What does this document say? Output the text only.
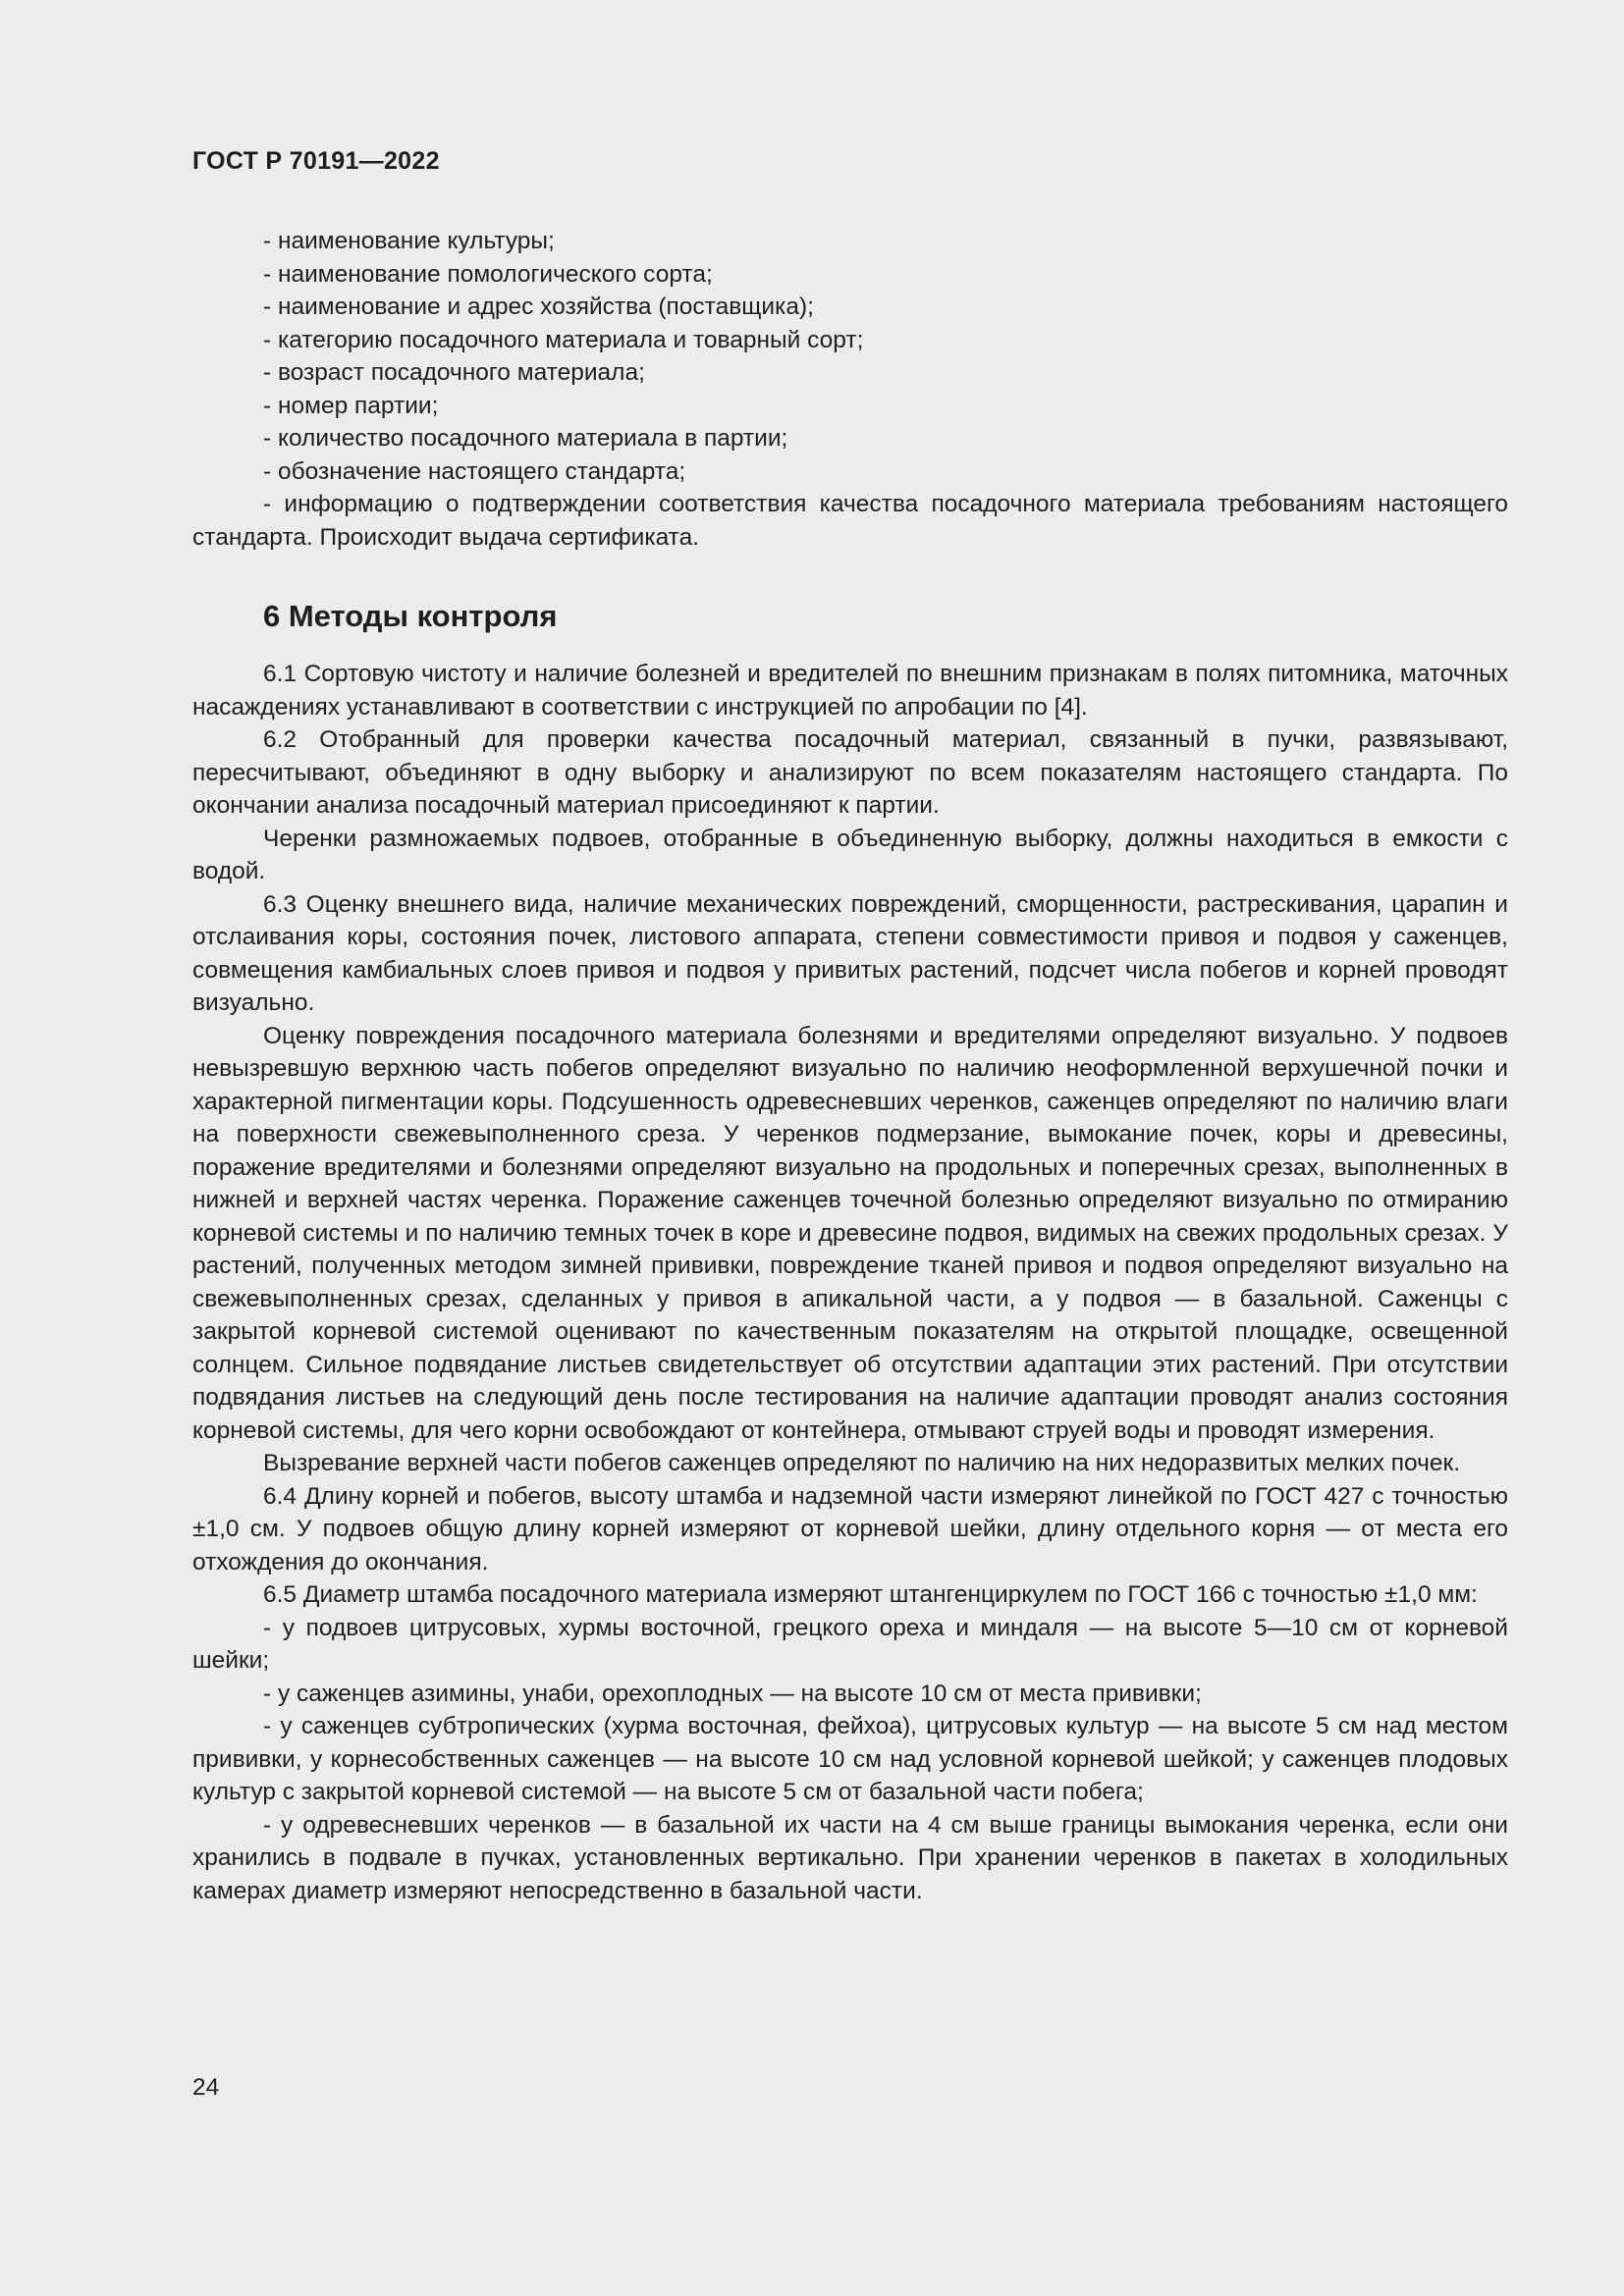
ГОСТ Р 70191—2022

- наименование культуры;

- наименование помологического сорта;

- наименование и адрес хозяйства (поставщика);

- категорию посадочного материала и товарный сорт;

- возраст посадочного материала;

- номер партии;

- количество посадочного материала в партии;

- обозначение настоящего стандарта;

- информацию о подтверждении соответствия качества посадочного материала требованиям настоящего стандарта. Происходит выдача сертификата.

6 Методы контроля

6.1 Сортовую чистоту и наличие болезней и вредителей по внешним признакам в полях питомника, маточных насаждениях устанавливают в соответствии с инструкцией по апробации по [4].

6.2 Отобранный для проверки качества посадочный материал, связанный в пучки, развязывают, пересчитывают, объединяют в одну выборку и анализируют по всем показателям настоящего стандарта. По окончании анализа посадочный материал присоединяют к партии.

Черенки размножаемых подвоев, отобранные в объединенную выборку, должны находиться в емкости с водой.

6.3 Оценку внешнего вида, наличие механических повреждений, сморщенности, растрескивания, царапин и отслаивания коры, состояния почек, листового аппарата, степени совместимости привоя и подвоя у саженцев, совмещения камбиальных слоев привоя и подвоя у привитых растений, подсчет числа побегов и корней проводят визуально.

Оценку повреждения посадочного материала болезнями и вредителями определяют визуально. У подвоев невызревшую верхнюю часть побегов определяют визуально по наличию неоформленной верхушечной почки и характерной пигментации коры. Подсушенность одревесневших черенков, саженцев определяют по наличию влаги на поверхности свежевыполненного среза. У черенков подмерзание, вымокание почек, коры и древесины, поражение вредителями и болезнями определяют визуально на продольных и поперечных срезах, выполненных в нижней и верхней частях черенка. Поражение саженцев точечной болезнью определяют визуально по отмиранию корневой системы и по наличию темных точек в коре и древесине подвоя, видимых на свежих продольных срезах. У растений, полученных методом зимней прививки, повреждение тканей привоя и подвоя определяют визуально на свежевыполненных срезах, сделанных у привоя в апикальной части, а у подвоя — в базальной. Саженцы с закрытой корневой системой оценивают по качественным показателям на открытой площадке, освещенной солнцем. Сильное подвядание листьев свидетельствует об отсутствии адаптации этих растений. При отсутствии подвядания листьев на следующий день после тестирования на наличие адаптации проводят анализ состояния корневой системы, для чего корни освобождают от контейнера, отмывают струей воды и проводят измерения.

Вызревание верхней части побегов саженцев определяют по наличию на них недоразвитых мелких почек.

6.4 Длину корней и побегов, высоту штамба и надземной части измеряют линейкой по ГОСТ 427 с точностью ±1,0 см. У подвоев общую длину корней измеряют от корневой шейки, длину отдельного корня — от места его отхождения до окончания.

6.5 Диаметр штамба посадочного материала измеряют штангенциркулем по ГОСТ 166 с точностью ±1,0 мм:

- у подвоев цитрусовых, хурмы восточной, грецкого ореха и миндаля — на высоте 5—10 см от корневой шейки;

- у саженцев азимины, унаби, орехоплодных — на высоте 10 см от места прививки;

- у саженцев субтропических (хурма восточная, фейхоа), цитрусовых культур — на высоте 5 см над местом прививки, у корнесобственных саженцев — на высоте 10 см над условной корневой шейкой; у саженцев плодовых культур с закрытой корневой системой — на высоте 5 см от базальной части побега;

- у одревесневших черенков — в базальной их части на 4 см выше границы вымокания черенка, если они хранились в подвале в пучках, установленных вертикально. При хранении черенков в пакетах в холодильных камерах диаметр измеряют непосредственно в базальной части.

24
